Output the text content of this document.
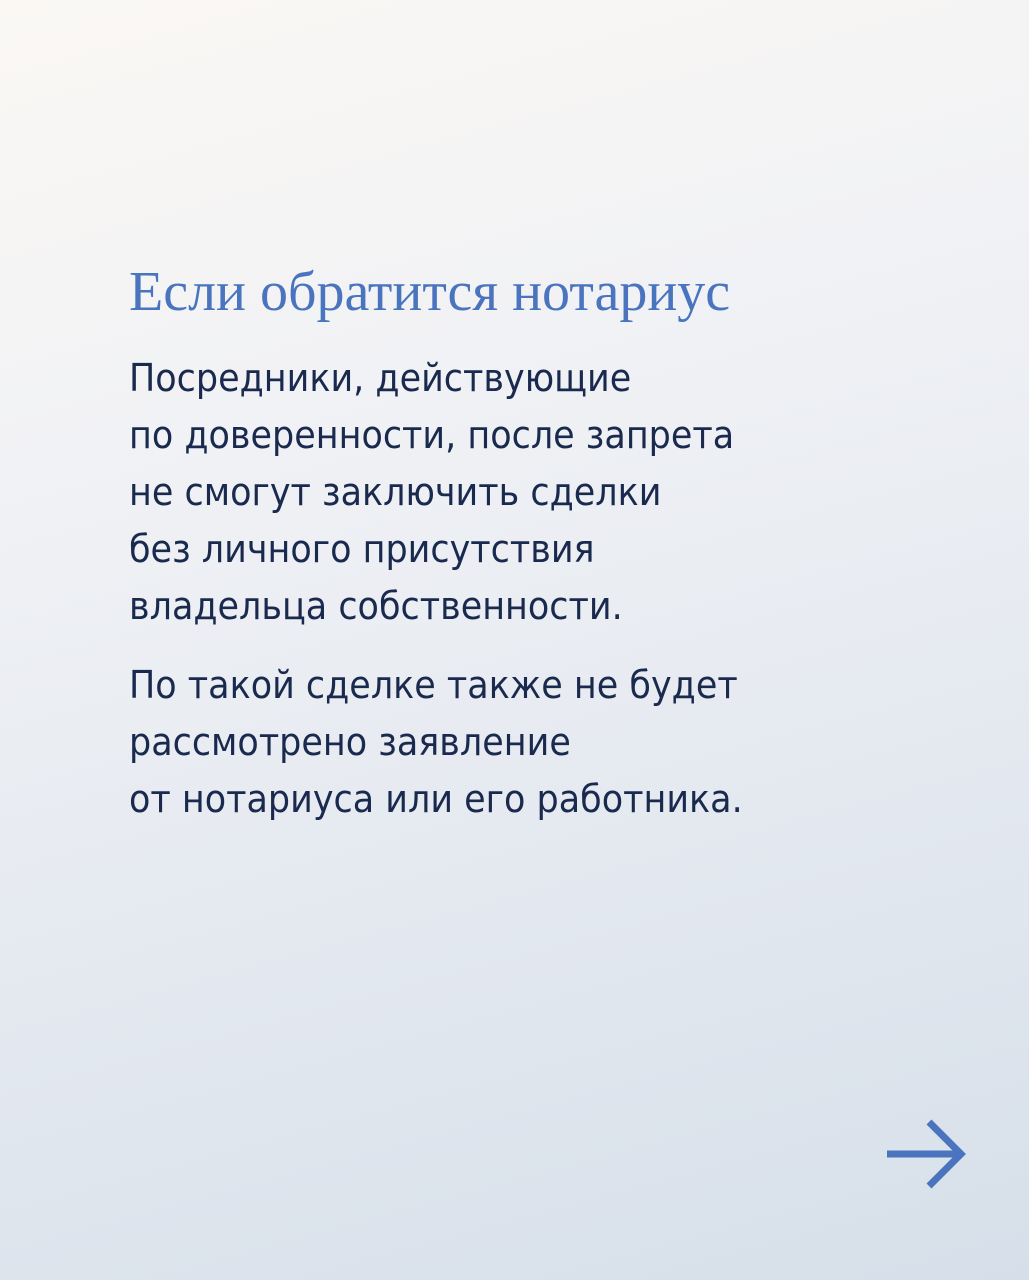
Если обратится нотариус

Посредники, действующие
по доверенности, после запрета
не смогут заключить сделки
без личного присутствия
владельца собственности.

По такой сделке также не будет
рассмотрено заявление
от нотариуса или его работника.
